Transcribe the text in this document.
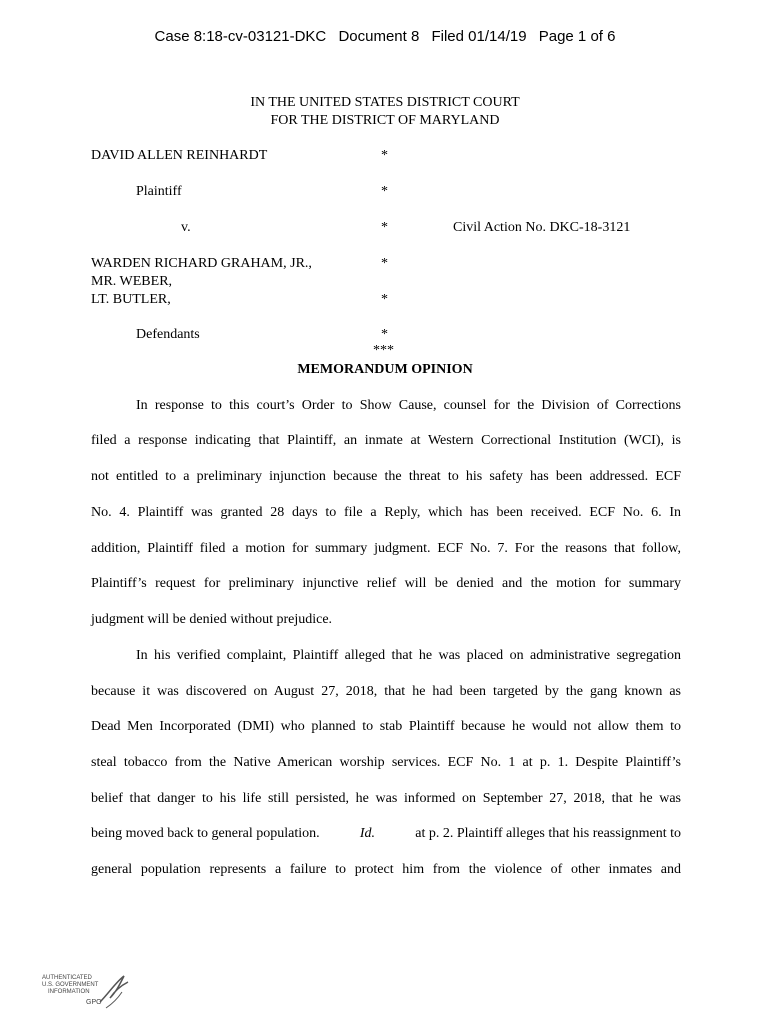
Case 8:18-cv-03121-DKC Document 8 Filed 01/14/19 Page 1 of 6
IN THE UNITED STATES DISTRICT COURT
FOR THE DISTRICT OF MARYLAND
DAVID ALLEN REINHARDT
Plaintiff
v.	Civil Action No. DKC-18-3121
WARDEN RICHARD GRAHAM, JR.,
MR. WEBER,
LT. BUTLER,
Defendants
*
*
*
*
*
*
***
MEMORANDUM OPINION
In response to this court’s Order to Show Cause, counsel for the Division of Corrections
filed a response indicating that Plaintiff, an inmate at Western Correctional Institution (WCI), is
not entitled to a preliminary injunction because the threat to his safety has been addressed. ECF
No. 4. Plaintiff was granted 28 days to file a Reply, which has been received. ECF No. 6. In
addition, Plaintiff filed a motion for summary judgment. ECF No. 7. For the reasons that follow,
Plaintiff’s request for preliminary injunctive relief will be denied and the motion for summary
judgment will be denied without prejudice.
In his verified complaint, Plaintiff alleged that he was placed on administrative segregation
because it was discovered on August 27, 2018, that he had been targeted by the gang known as
Dead Men Incorporated (DMI) who planned to stab Plaintiff because he would not allow them to
steal tobacco from the Native American worship services. ECF No. 1 at p. 1. Despite Plaintiff’s
belief that danger to his life still persisted, he was informed on September 27, 2018, that he was
being moved back to general population.	Id.	at p. 2. Plaintiff alleges that his reassignment to
general population represents a failure to protect him from the violence of other inmates and
AUTHENTICATED
U.S. GOVERNMENT
INFORMATION
GPO
